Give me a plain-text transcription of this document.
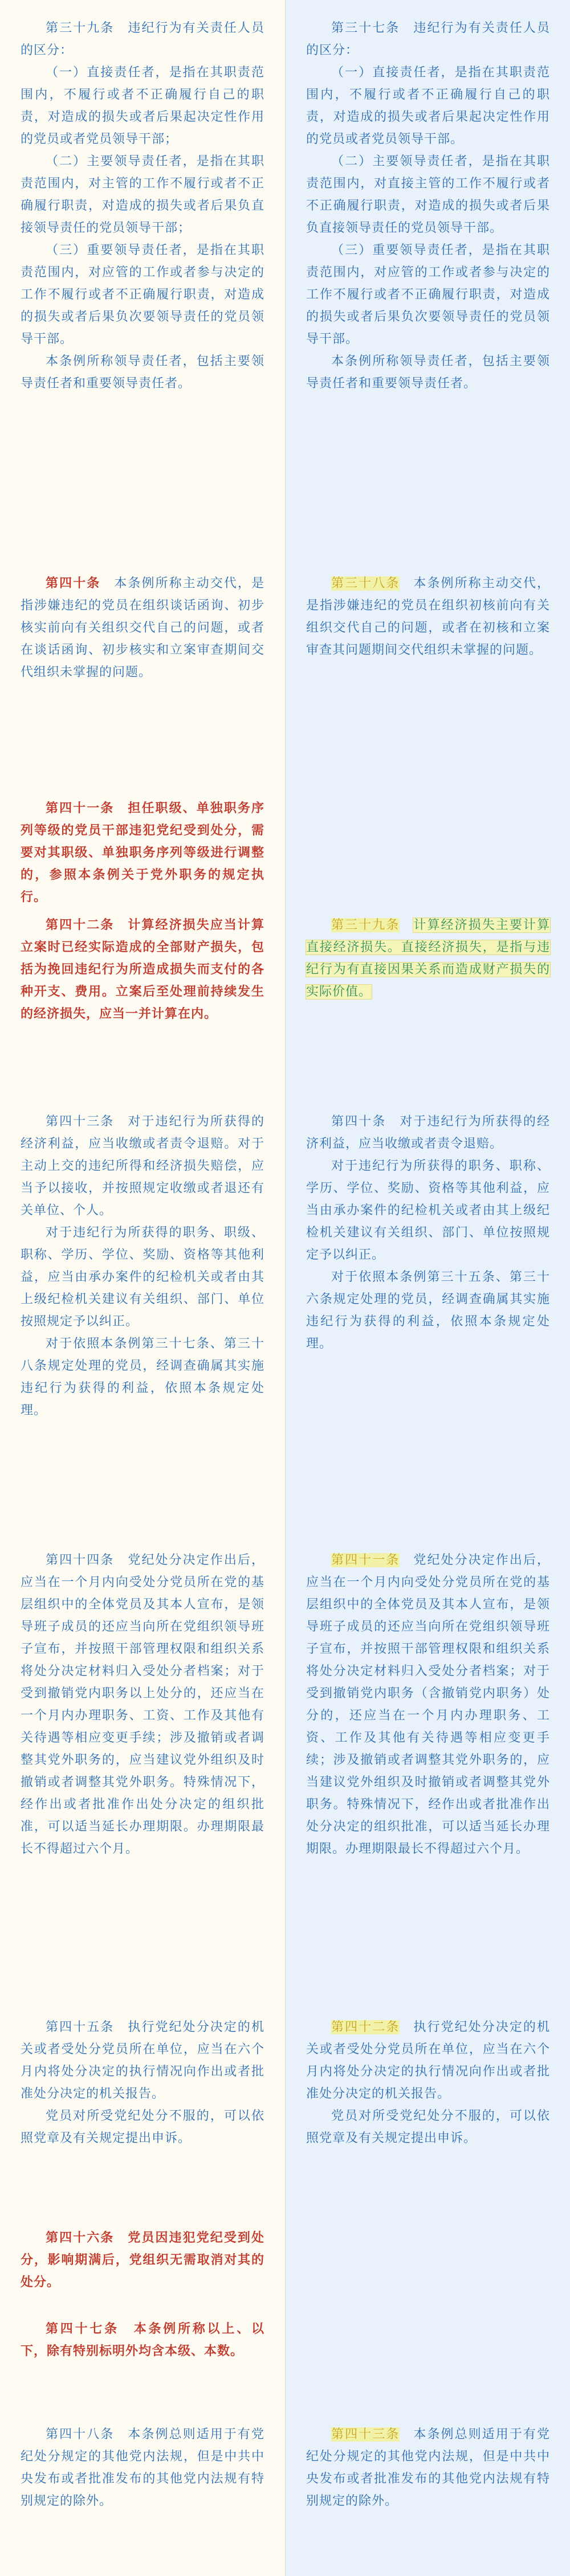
第三十九条　 违纪行为有关责任人员的区分：

（一）直接责任者，是指在其职责范围内，不履行或者不正确履行自己的职责，对造成的损失或者后果起决定性作用的党员或者党员领导干部；

（二）主要领导责任者，是指在其职责范围内，对主管的工作不履行或者不正确履行职责，对造成的损失或者后果负直接领导责任的党员领导干部；

（三）重要领导责任者，是指在其职责范围内，对应管的工作或者参与决定的工作不履行或者不正确履行职责，对造成的损失或者后果负次要领导责任的党员领导干部。

本条例所称领导责任者，包括主要领导责任者和重要领导责任者。

第四十条　 本条例所称主动交代，是指涉嫌违纪的党员在组织谈话函询、初步核实前向有关组织交代自己的问题，或者在谈话函询、初步核实和立案审查期间交代组织未掌握的问题。

第四十一条　担任职级、单独职务序列等级的党员干部违犯党纪受到处分，需要对其职级、单独职务序列等级进行调整的，参照本条例关于党外职务的规定执行。

第四十二条　 计算经济损失应当计算立案时已经实际造成的全部财产损失，包括为挽回违纪行为所造成损失而支付的各种开支、费用。立案后至处理前持续发生的经济损失，应当一并计算在内。

第四十三条　 对于违纪行为所获得的经济利益，应当收缴或者责令退赔。对于主动上交的违纪所得和经济损失赔偿，应当予以接收，并按照规定收缴或者退还有关单位、个人。

对于违纪行为所获得的职务、职级、职称、学历、学位、奖励、资格等其他利益，应当由承办案件的纪检机关或者由其上级纪检机关建议有关组织、部门、单位按照规定予以纠正。

对于依照本条例第三十七条、第三十八条规定处理的党员，经调查确属其实施违纪行为获得的利益，依照本条规定处理。

第四十四条　 党纪处分决定作出后，应当在一个月内向受处分党员所在党的基层组织中的全体党员及其本人宣布，是领导班子成员的还应当向所在党组织领导班子宣布，并按照干部管理权限和组织关系将处分决定材料归入受处分者档案；对于受到撤销党内职务以上处分的，还应当在一个月内办理职务、工资、工作及其他有关待遇等相应变更手续；涉及撤销或者调整其党外职务的，应当建议党外组织及时撤销或者调整其党外职务。特殊情况下，经作出或者批准作出处分决定的组织批准，可以适当延长办理期限。办理期限最长不得超过六个月。

第四十五条　 执行党纪处分决定的机关或者受处分党员所在单位，应当在六个月内将处分决定的执行情况向作出或者批准处分决定的机关报告。

党员对所受党纪处分不服的，可以依照党章及有关规定提出申诉。

第四十六条　党员因违犯党纪受到处分，影响期满后，党组织无需取消对其的处分。

第四十七条　本条例所称以上、以下，除有特别标明外均含本级、本数。

第四十八条　 本条例总则适用于有党纪处分规定的其他党内法规，但是中共中央发布或者批准发布的其他党内法规有特别规定的除外。

第三十七条　 违纪行为有关责任人员的区分：

（一）直接责任者，是指在其职责范围内，不履行或者不正确履行自己的职责，对造成的损失或者后果起决定性作用的党员或者党员领导干部。

（二）主要领导责任者，是指在其职责范围内，对直接主管的工作不履行或者不正确履行职责，对造成的损失或者后果负直接领导责任的党员领导干部。

（三）重要领导责任者，是指在其职责范围内，对应管的工作或者参与决定的工作不履行或者不正确履行职责，对造成的损失或者后果负次要领导责任的党员领导干部。

本条例所称领导责任者，包括主要领导责任者和重要领导责任者。

第三十八条　 本条例所称主动交代，是指涉嫌违纪的党员在组织初核前向有关组织交代自己的问题，或者在初核和立案审查其问题期间交代组织未掌握的问题。

第三十九条　 计算经济损失主要计算直接经济损失。直接经济损失，是指与违纪行为有直接因果关系而造成财产损失的实际价值。

第四十条　 对于违纪行为所获得的经济利益，应当收缴或者责令退赔。

对于违纪行为所获得的职务、职称、学历、学位、奖励、资格等其他利益，应当由承办案件的纪检机关或者由其上级纪检机关建议有关组织、部门、单位按照规定予以纠正。

对于依照本条例第三十五条、第三十六条规定处理的党员，经调查确属其实施违纪行为获得的利益，依照本条规定处理。

第四十一条　 党纪处分决定作出后，应当在一个月内向受处分党员所在党的基层组织中的全体党员及其本人宣布，是领导班子成员的还应当向所在党组织领导班子宣布，并按照干部管理权限和组织关系将处分决定材料归入受处分者档案；对于受到撤销党内职务（含撤销党内职务）处分的，还应当在一个月内办理职务、工资、工作及其他有关待遇等相应变更手续；涉及撤销或者调整其党外职务的，应当建议党外组织及时撤销或者调整其党外职务。特殊情况下，经作出或者批准作出处分决定的组织批准，可以适当延长办理期限。办理期限最长不得超过六个月。

第四十二条　 执行党纪处分决定的机关或者受处分党员所在单位，应当在六个月内将处分决定的执行情况向作出或者批准处分决定的机关报告。

党员对所受党纪处分不服的，可以依照党章及有关规定提出申诉。

第四十三条　 本条例总则适用于有党纪处分规定的其他党内法规，但是中共中央发布或者批准发布的其他党内法规有特别规定的除外。
